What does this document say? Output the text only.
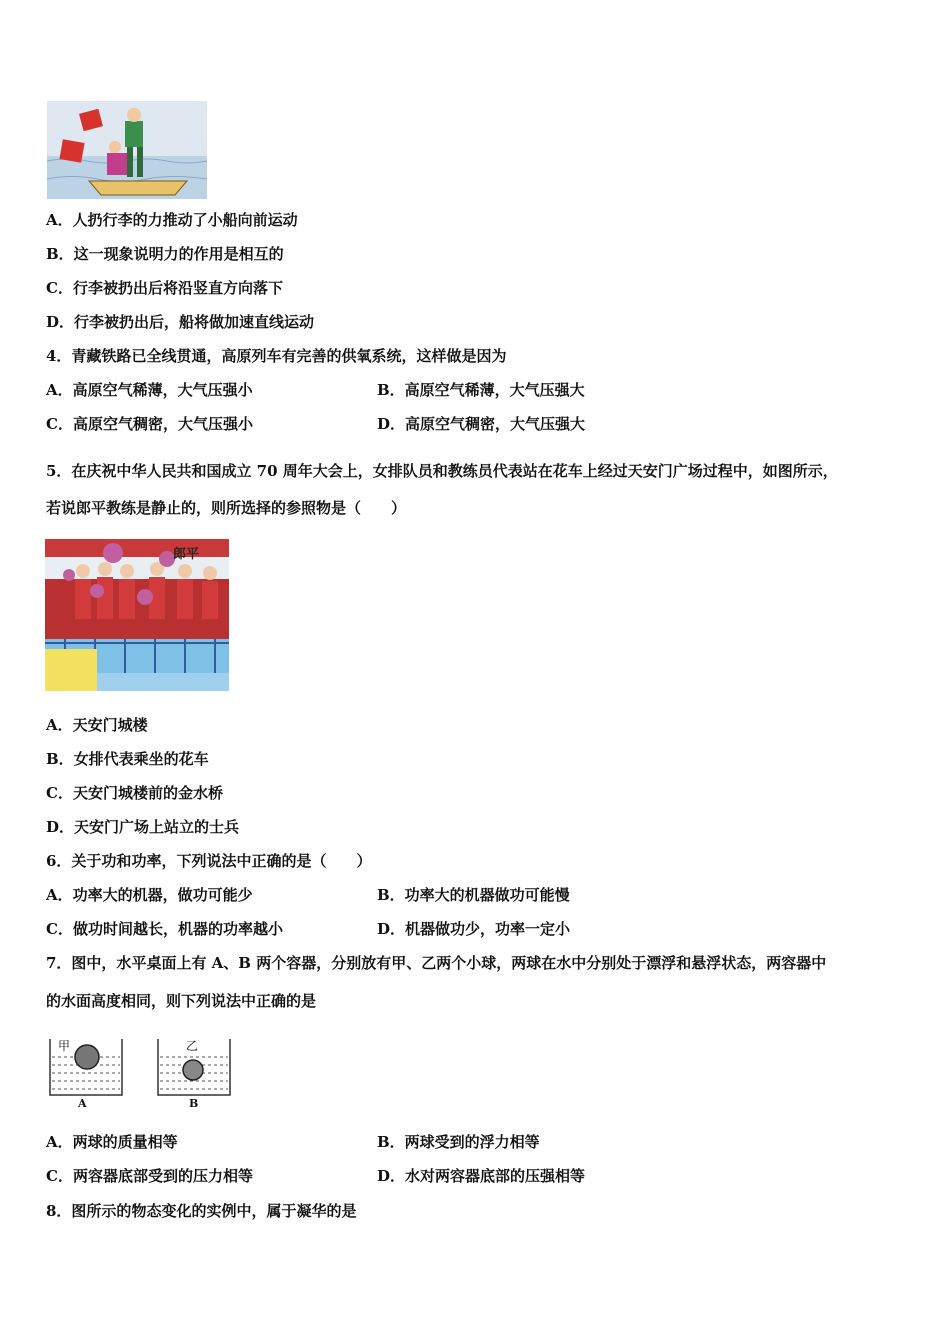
A．人扔行李的力推动了小船向前运动
B．这一现象说明力的作用是相互的
C．行李被扔出后将沿竖直方向落下
D．行李被扔出后，船将做加速直线运动
4．青藏铁路已全线贯通，高原列车有完善的供氧系统，这样做是因为
A．高原空气稀薄，大气压强小	B．高原空气稀薄，大气压强大
C．高原空气稠密，大气压强小	D．高原空气稠密，大气压强大
5．在庆祝中华人民共和国成立 70 周年大会上，女排队员和教练员代表站在花车上经过天安门广场过程中，如图所示，
若说郎平教练是静止的，则所选择的参照物是（　　）
郎平
A．天安门城楼
B．女排代表乘坐的花车
C．天安门城楼前的金水桥
D．天安门广场上站立的士兵
6．关于功和功率，下列说法中正确的是（　　）
A．功率大的机器，做功可能少	B．功率大的机器做功可能慢
C．做功时间越长，机器的功率越小	D．机器做功少，功率一定小
7．图中，水平桌面上有 A、B 两个容器，分别放有甲、乙两个小球，两球在水中分别处于漂浮和悬浮状态，两容器中
的水面高度相同，则下列说法中正确的是
甲	乙
A	B
A．两球的质量相等	B．两球受到的浮力相等
C．两容器底部受到的压力相等	D．水对两容器底部的压强相等
8．图所示的物态变化的实例中，属于凝华的是
